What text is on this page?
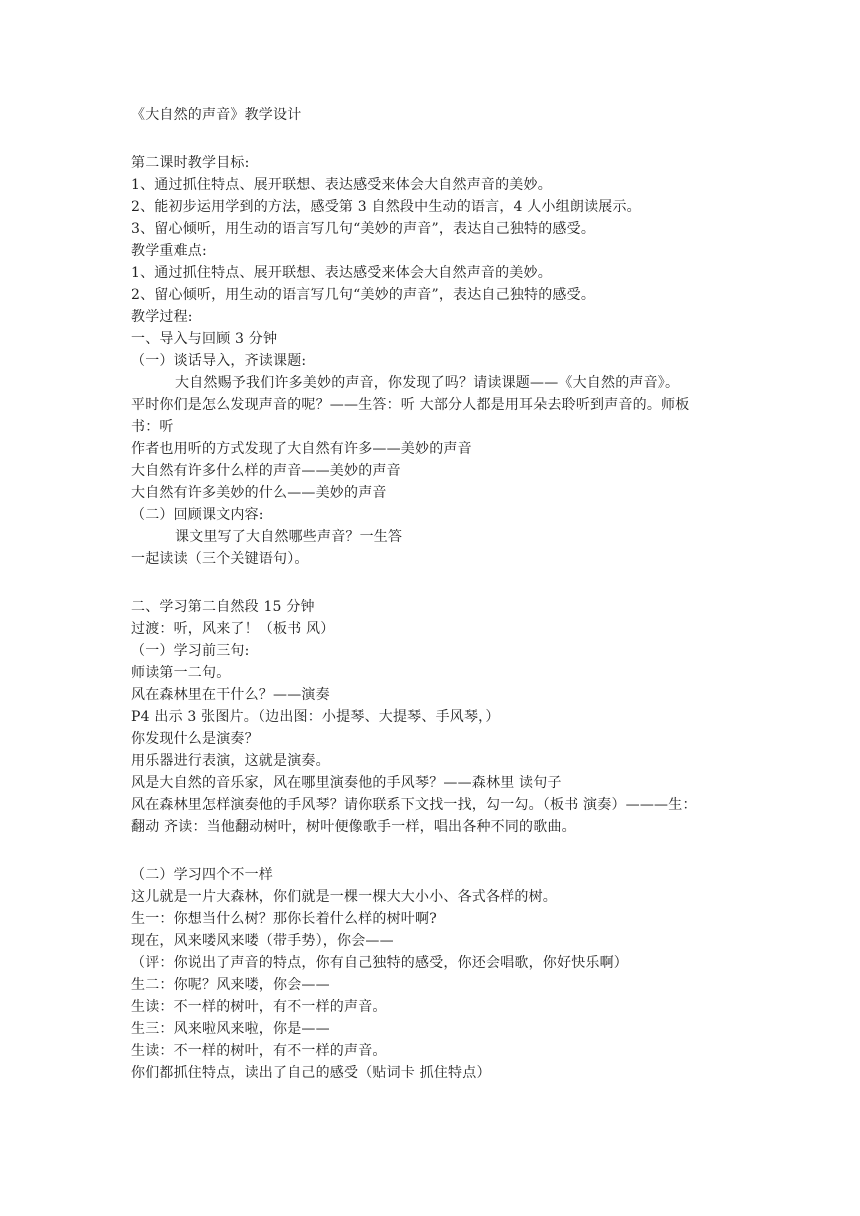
《大自然的声音》教学设计
第二课时教学目标:
1、通过抓住特点、展开联想、表达感受来体会大自然声音的美妙。
2、能初步运用学到的方法，感受第 3 自然段中生动的语言，4 人小组朗读展示。
3、留心倾听，用生动的语言写几句“美妙的声音”，表达自己独特的感受。
教学重难点:
1、通过抓住特点、展开联想、表达感受来体会大自然声音的美妙。
2、留心倾听，用生动的语言写几句“美妙的声音”，表达自己独特的感受。
教学过程:
一、导入与回顾 3 分钟
（一）谈话导入，齐读课题:
大自然赐予我们许多美妙的声音，你发现了吗？请读课题——《大自然的声音》。
平时你们是怎么发现声音的呢？——生答：听 大部分人都是用耳朵去聆听到声音的。师板
书：听
作者也用听的方式发现了大自然有许多——美妙的声音
大自然有许多什么样的声音——美妙的声音
大自然有许多美妙的什么——美妙的声音
（二）回顾课文内容:
课文里写了大自然哪些声音？一生答
一起读读（三个关键语句）。
二、学习第二自然段 15 分钟
过渡：听，风来了！（板书 风）
（一）学习前三句:
师读第一二句。
风在森林里在干什么？——演奏
P4 出示 3 张图片。（边出图：小提琴、大提琴、手风琴，）
你发现什么是演奏？
用乐器进行表演，这就是演奏。
风是大自然的音乐家，风在哪里演奏他的手风琴？——森林里 读句子
风在森林里怎样演奏他的手风琴？请你联系下文找一找，勾一勾。（板书 演奏）———生：
翻动 齐读：当他翻动树叶，树叶便像歌手一样，唱出各种不同的歌曲。
（二）学习四个不一样
这儿就是一片大森林，你们就是一棵一棵大大小小、各式各样的树。
生一：你想当什么树？那你长着什么样的树叶啊?
现在，风来喽风来喽（带手势），你会——
（评：你说出了声音的特点，你有自己独特的感受，你还会唱歌，你好快乐啊）
生二：你呢？风来喽，你会——
生读：不一样的树叶，有不一样的声音。
生三：风来啦风来啦，你是——
生读：不一样的树叶，有不一样的声音。
你们都抓住特点，读出了自己的感受（贴词卡 抓住特点）
